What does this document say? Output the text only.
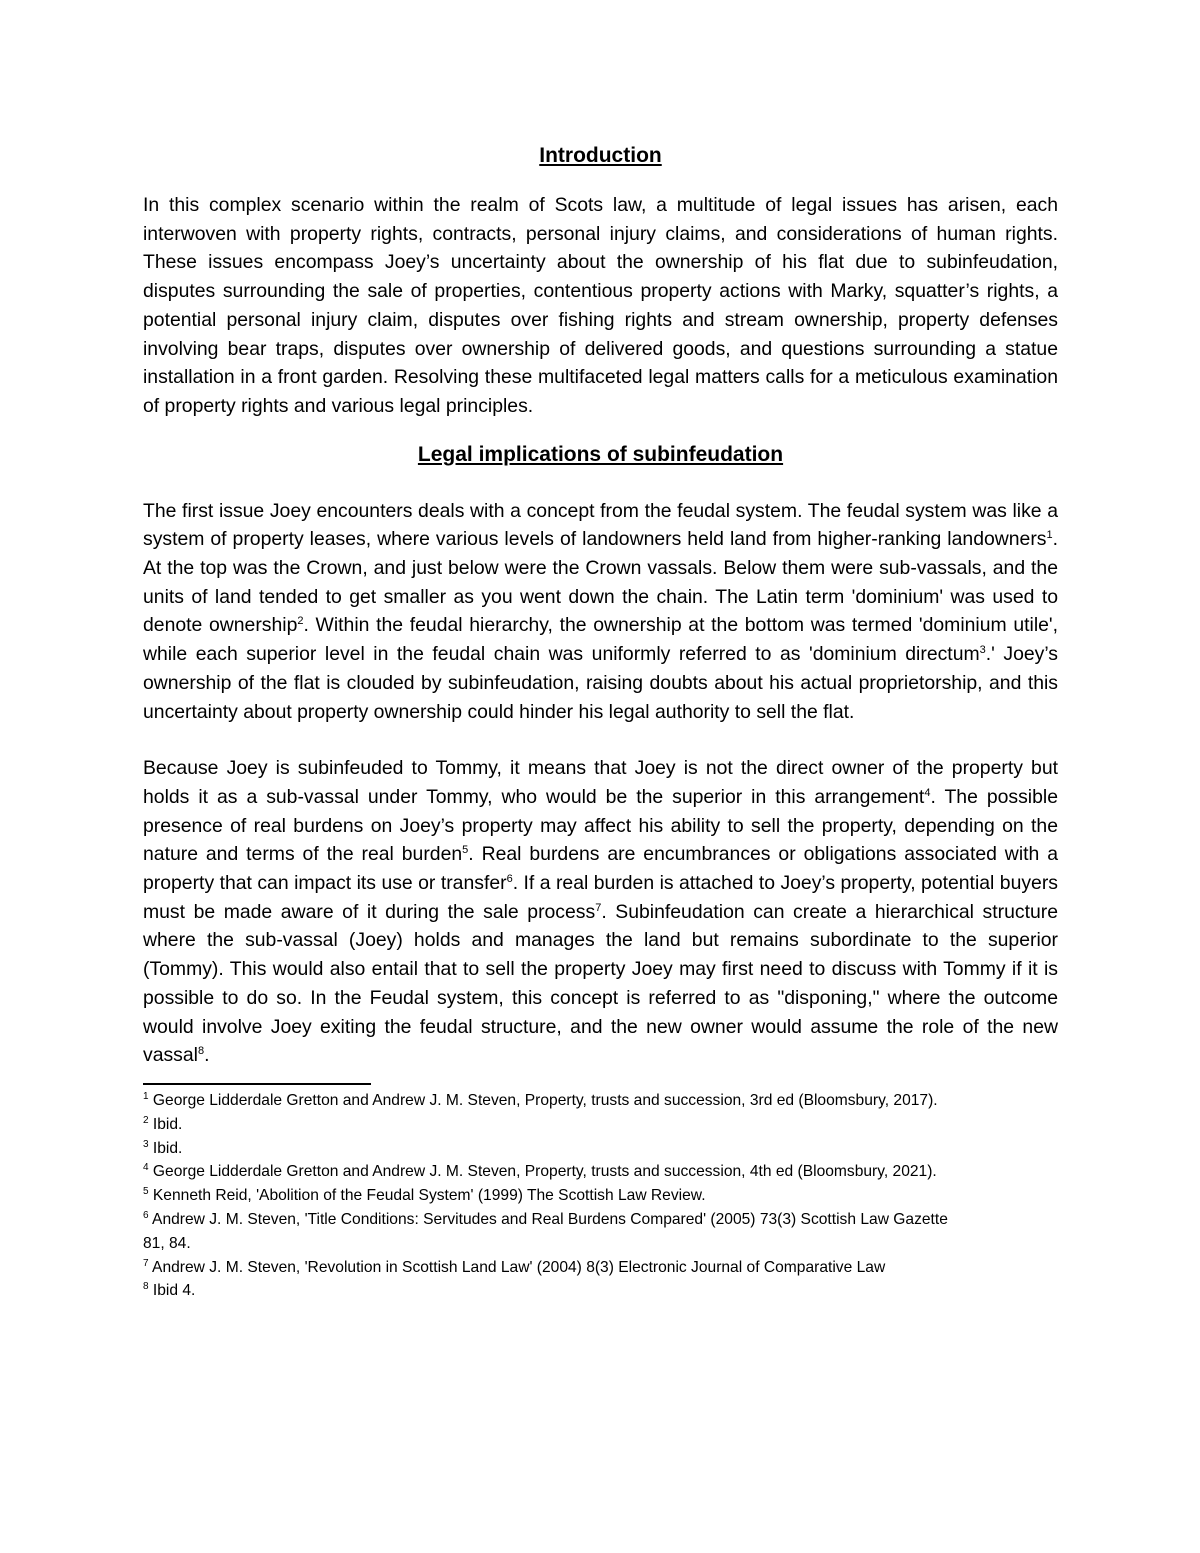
Introduction

In this complex scenario within the realm of Scots law, a multitude of legal issues has arisen, each interwoven with property rights, contracts, personal injury claims, and considerations of human rights. These issues encompass Joey’s uncertainty about the ownership of his flat due to subinfeudation, disputes surrounding the sale of properties, contentious property actions with Marky, squatter’s rights, a potential personal injury claim, disputes over fishing rights and stream ownership, property defenses involving bear traps, disputes over ownership of delivered goods, and questions surrounding a statue installation in a front garden. Resolving these multifaceted legal matters calls for a meticulous examination of property rights and various legal principles.

Legal implications of subinfeudation

The first issue Joey encounters deals with a concept from the feudal system. The feudal system was like a system of property leases, where various levels of landowners held land from higher-ranking landowners$^1$. At the top was the Crown, and just below were the Crown vassals. Below them were sub-vassals, and the units of land tended to get smaller as you went down the chain. The Latin term 'dominium' was used to denote ownership$^2$. Within the feudal hierarchy, the ownership at the bottom was termed 'dominium utile', while each superior level in the feudal chain was uniformly referred to as 'dominium directum$^3$.' Joey’s ownership of the flat is clouded by subinfeudation, raising doubts about his actual proprietorship, and this uncertainty about property ownership could hinder his legal authority to sell the flat.

Because Joey is subinfeuded to Tommy, it means that Joey is not the direct owner of the property but holds it as a sub-vassal under Tommy, who would be the superior in this arrangement$^4$. The possible presence of real burdens on Joey’s property may affect his ability to sell the property, depending on the nature and terms of the real burden$^5$. Real burdens are encumbrances or obligations associated with a property that can impact its use or transfer$^6$. If a real burden is attached to Joey’s property, potential buyers must be made aware of it during the sale process$^7$. Subinfeudation can create a hierarchical structure where the sub-vassal (Joey) holds and manages the land but remains subordinate to the superior (Tommy). This would also entail that to sell the property Joey may first need to discuss with Tommy if it is possible to do so. In the Feudal system, this concept is referred to as "disponing," where the outcome would involve Joey exiting the feudal structure, and the new owner would assume the role of the new vassal$^8$.

$^1$ George Lidderdale Gretton and Andrew J. M. Steven, Property, trusts and succession, 3rd ed (Bloomsbury, 2017).

$^2$ Ibid.

$^3$ Ibid.

$^4$ George Lidderdale Gretton and Andrew J. M. Steven, Property, trusts and succession, 4th ed (Bloomsbury, 2021).

$^5$ Kenneth Reid, 'Abolition of the Feudal System' (1999) The Scottish Law Review.

$^6$ Andrew J. M. Steven, 'Title Conditions: Servitudes and Real Burdens Compared' (2005) 73(3) Scottish Law Gazette
81, 84.

$^7$ Andrew J. M. Steven, 'Revolution in Scottish Land Law' (2004) 8(3) Electronic Journal of Comparative Law

$^8$ Ibid 4.
